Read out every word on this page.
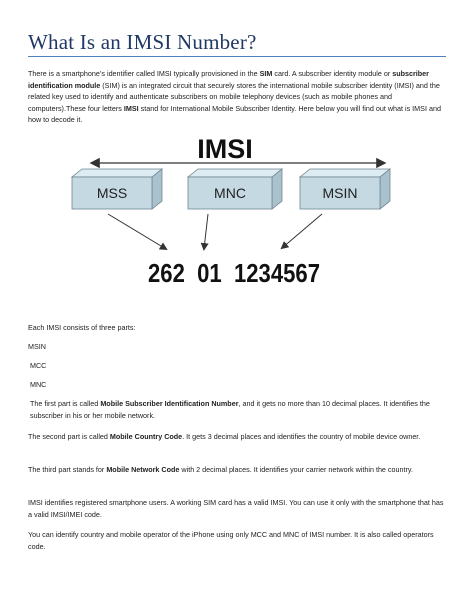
What Is an IMSI Number?

There is a smartphone’s identifier called IMSI typically provisioned in the SIM card. A subscriber identity module or subscriber identification module (SIM) is an integrated circuit that securely stores the international mobile subscriber identity (IMSI) and the related key used to identify and authenticate subscribers on mobile telephony devices (such as mobile phones and computers).These four letters IMSI stand for International Mobile Subscriber Identity. Here below you will find out what is IMSI and how to decode it.

IMSI
MSS	MNC	MSIN
262  01  1234567

Each IMSI consists of three parts:

MSIN

MCC

MNC

The first part is called Mobile Subscriber Identification Number, and it gets no more than 10 decimal places. It identifies the subscriber in his or her mobile network.

The second part is called Mobile Country Code. It gets 3 decimal places and identifies the country of mobile device owner.

The third part stands for Mobile Network Code with 2 decimal places. It identifies your carrier network within the country.

IMSI identifies registered smartphone users. A working SIM card has a valid IMSI. You can use it only with the smartphone that has a valid IMSI/IMEI code.

You can identify country and mobile operator of the iPhone using only MCC and MNC of IMSI number. It is also called operators code.
